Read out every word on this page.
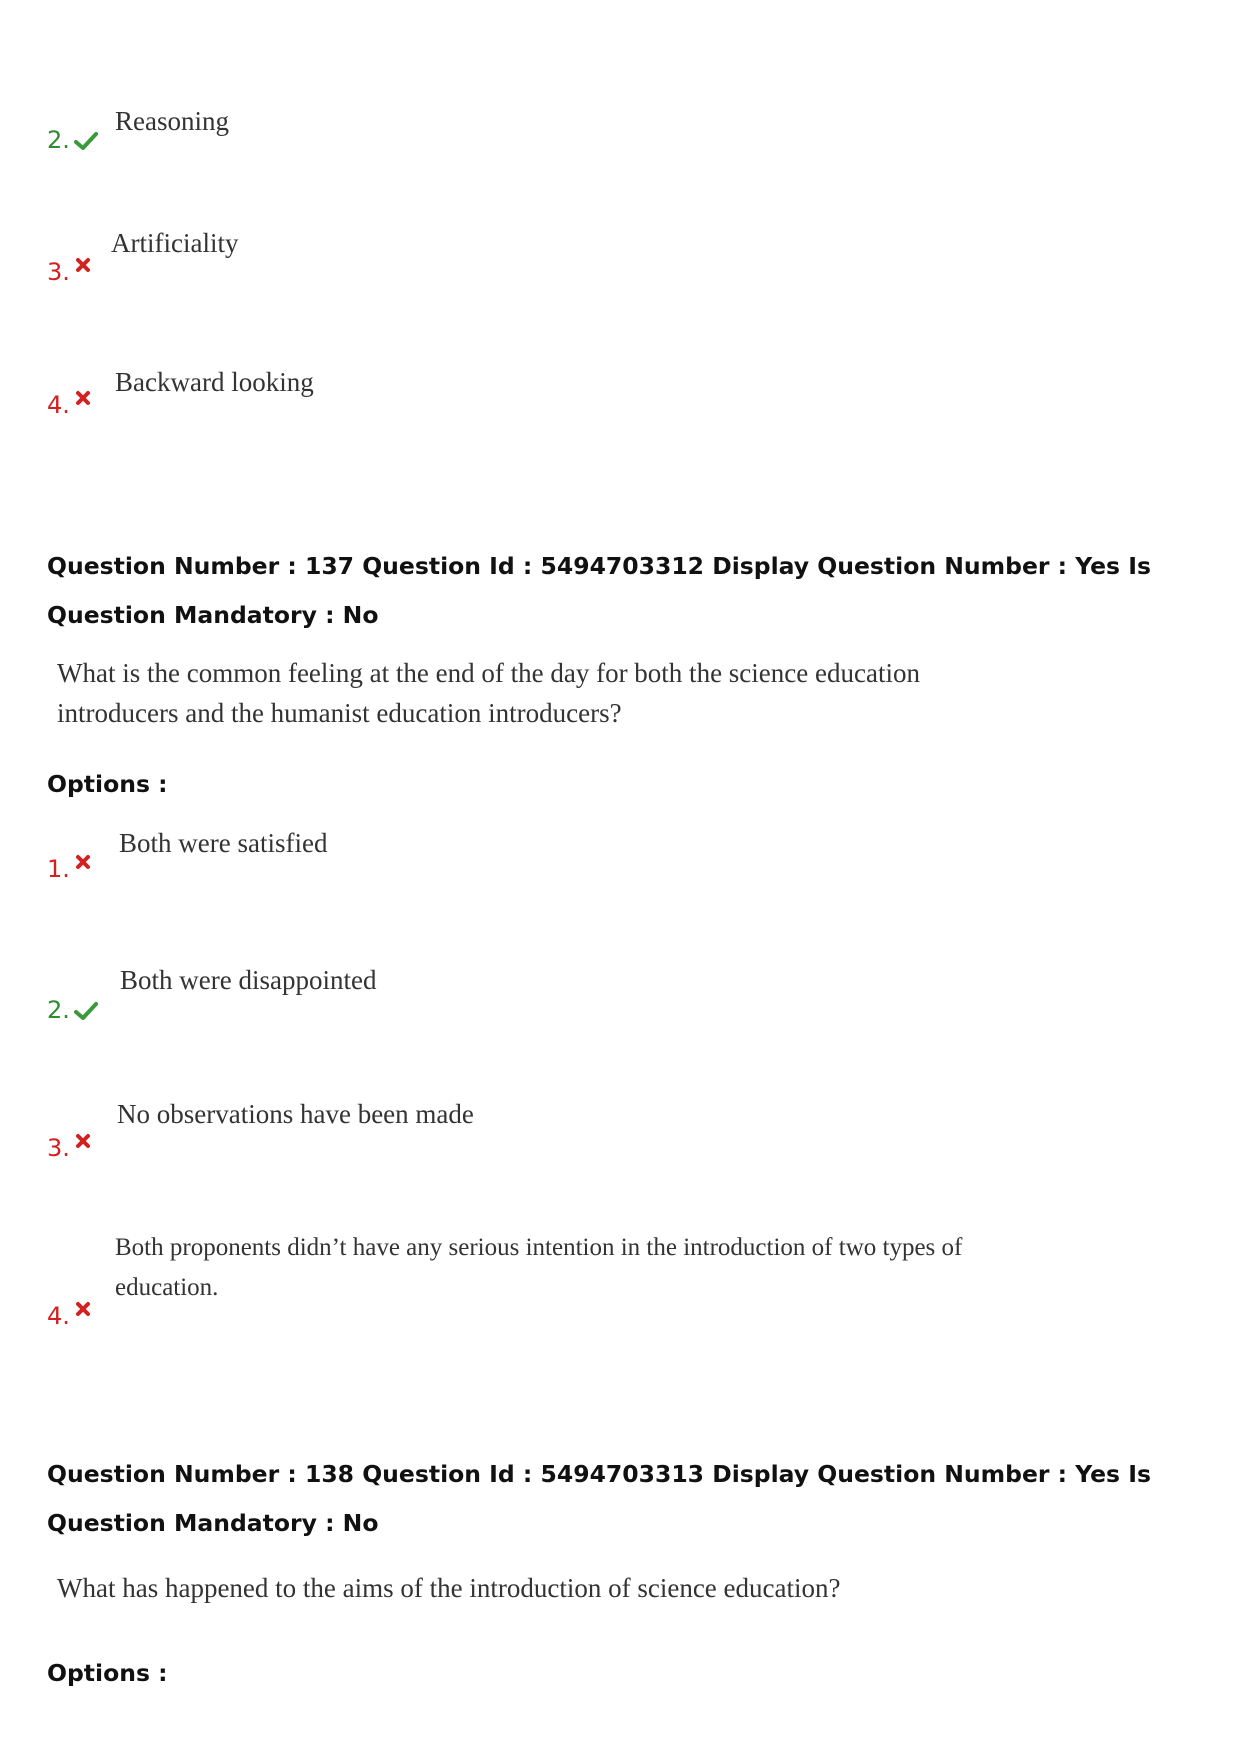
2.
Reasoning
3.
Artificiality
4.
Backward looking
Question Number : 137 Question Id : 5494703312 Display Question Number : Yes Is Question Mandatory : No
What is the common feeling at the end of the day for both the science education
introducers and the humanist education introducers?
Options :
1.
Both were satisfied
2.
Both were disappointed
3.
No observations have been made
4.
Both proponents didn’t have any serious intention in the introduction of two types of
education.
Question Number : 138 Question Id : 5494703313 Display Question Number : Yes Is Question Mandatory : No
What has happened to the aims of the introduction of science education?
Options :
